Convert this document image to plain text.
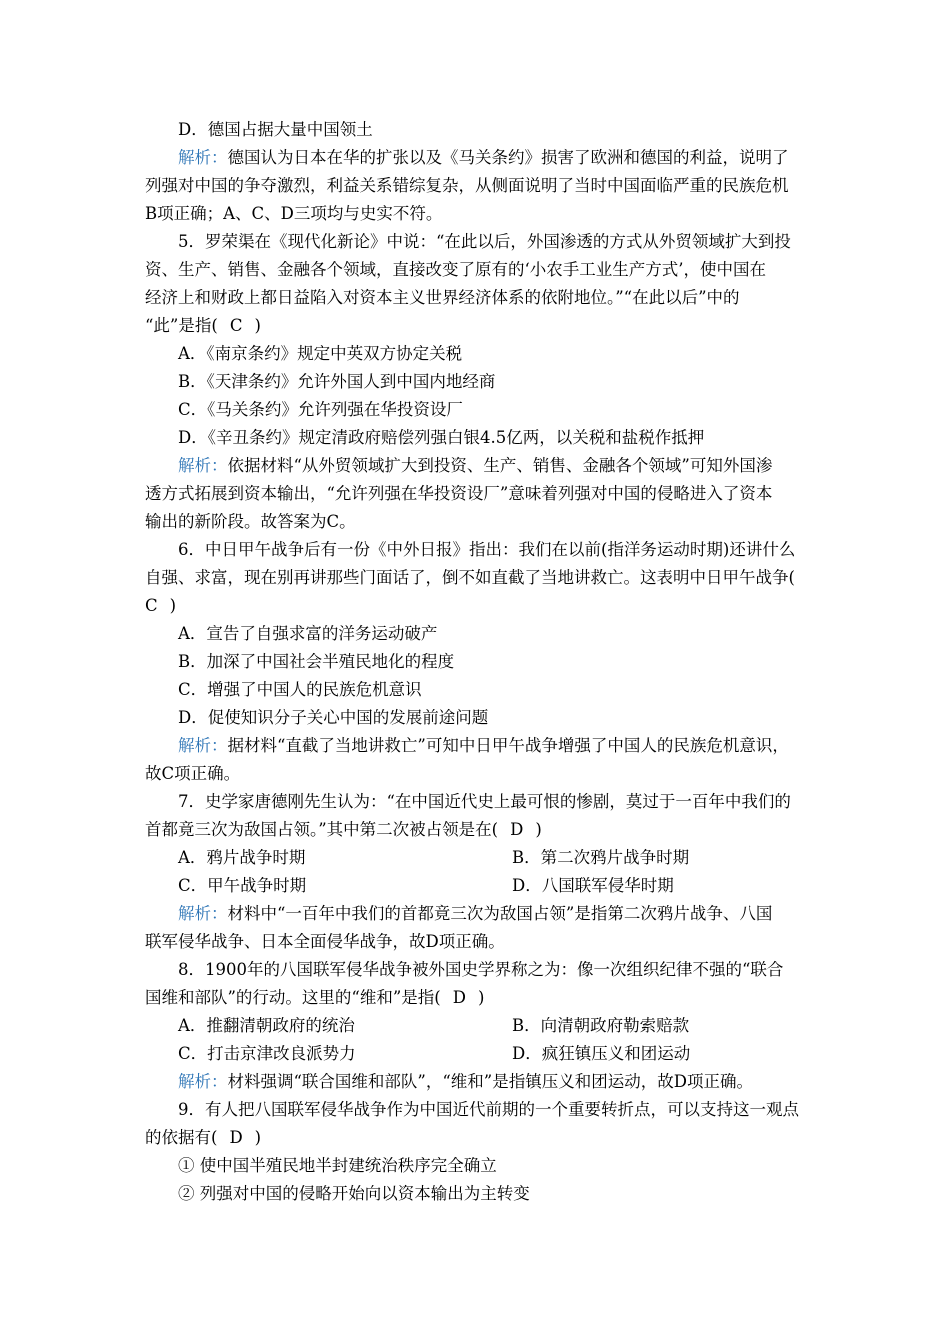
D．德国占据大量中国领土
解析：德国认为日本在华的扩张以及《马关条约》损害了欧洲和德国的利益，说明了
列强对中国的争夺激烈，利益关系错综复杂，从侧面说明了当时中国面临严重的民族危机
B项正确；A、C、D三项均与史实不符。
5．罗荣渠在《现代化新论》中说：“在此以后，外国渗透的方式从外贸领域扩大到投
资、生产、销售、金融各个领域，直接改变了原有的‘小农手工业生产方式’，使中国在
经济上和财政上都日益陷入对资本主义世界经济体系的依附地位。”“在此以后”中的
“此”是指( C )
A．《南京条约》规定中英双方协定关税
B．《天津条约》允许外国人到中国内地经商
C．《马关条约》允许列强在华投资设厂
D．《辛丑条约》规定清政府赔偿列强白银4.5亿两，以关税和盐税作抵押
解析：依据材料“从外贸领域扩大到投资、生产、销售、金融各个领域”可知外国渗
透方式拓展到资本输出，“允许列强在华投资设厂”意味着列强对中国的侵略进入了资本
输出的新阶段。故答案为C。
6．中日甲午战争后有一份《中外日报》指出：我们在以前(指洋务运动时期)还讲什么
自强、求富，现在别再讲那些门面话了，倒不如直截了当地讲救亡。这表明中日甲午战争(
C )
A．宣告了自强求富的洋务运动破产
B．加深了中国社会半殖民地化的程度
C．增强了中国人的民族危机意识
D．促使知识分子关心中国的发展前途问题
解析：据材料“直截了当地讲救亡”可知中日甲午战争增强了中国人的民族危机意识，
故C项正确。
7．史学家唐德刚先生认为：“在中国近代史上最可恨的惨剧，莫过于一百年中我们的
首都竟三次为敌国占领。”其中第二次被占领是在( D )
A．鸦片战争时期	B．第二次鸦片战争时期
C．甲午战争时期	D．八国联军侵华时期
解析：材料中“一百年中我们的首都竟三次为敌国占领”是指第二次鸦片战争、八国
联军侵华战争、日本全面侵华战争，故D项正确。
8．1900年的八国联军侵华战争被外国史学界称之为：像一次组织纪律不强的“联合
国维和部队”的行动。这里的“维和”是指( D )
A．推翻清朝政府的统治	B．向清朝政府勒索赔款
C．打击京津改良派势力	D．疯狂镇压义和团运动
解析：材料强调“联合国维和部队”，“维和”是指镇压义和团运动，故D项正确。
9．有人把八国联军侵华战争作为中国近代前期的一个重要转折点，可以支持这一观点
的依据有( D )
① 使中国半殖民地半封建统治秩序完全确立
② 列强对中国的侵略开始向以资本输出为主转变
